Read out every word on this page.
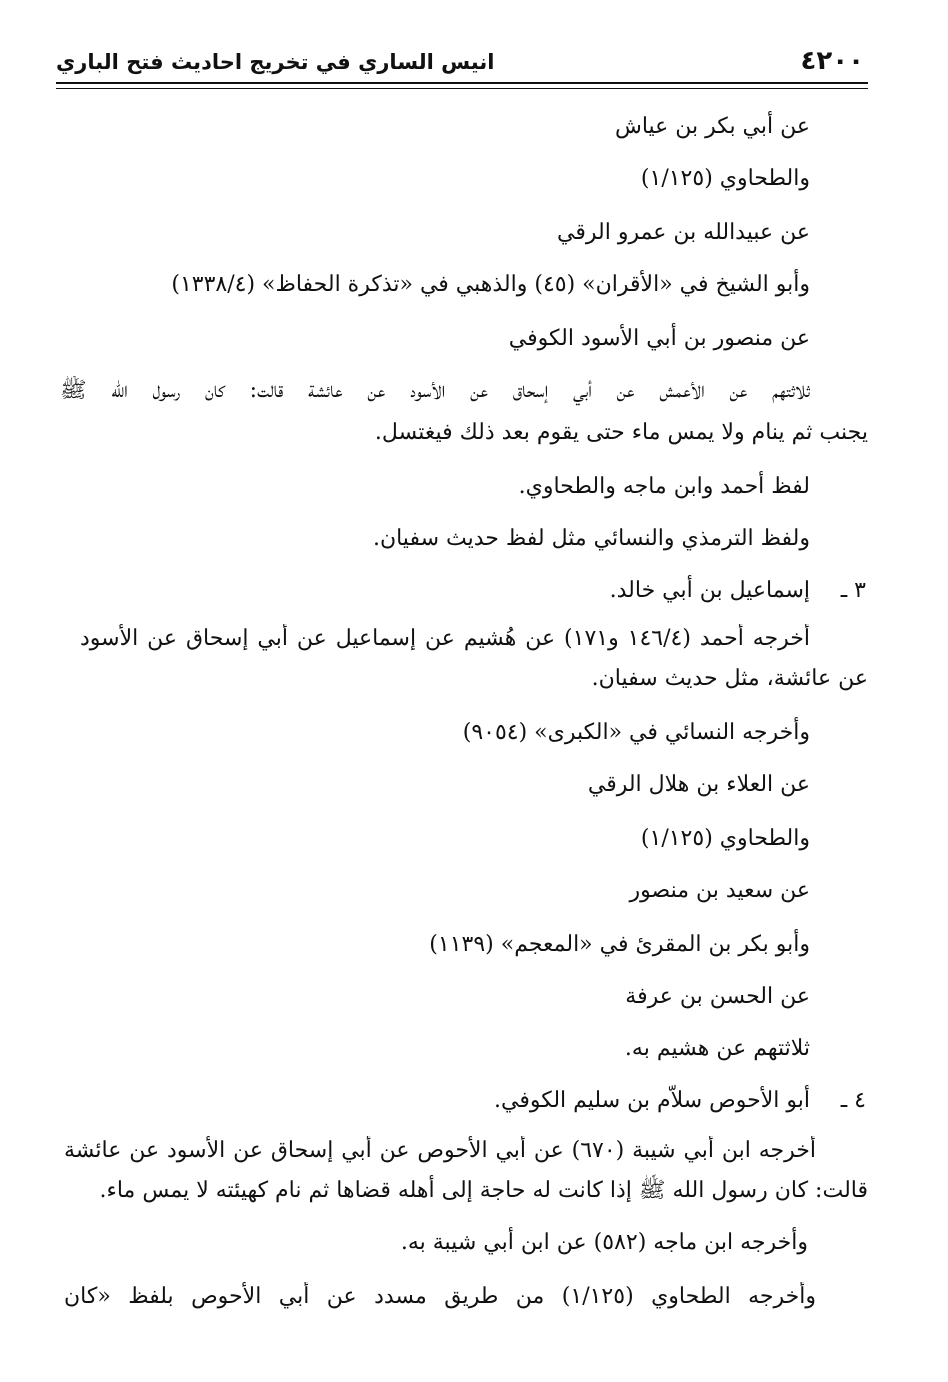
٤٢٠٠
انيس الساري في تخريج احاديث فتح الباري
عن أبي بكر بن عياش
والطحاوي (١/١٢٥)
عن عبيدالله بن عمرو الرقي
وأبو الشيخ في «الأقران» (٤٥) والذهبي في «تذكرة الحفاظ» (١٣٣٨/٤)
عن منصور بن أبي الأسود الكوفي
ثلاثتهم عن الأعمش عن أبي إسحاق عن الأسود عن عائشة قالت: كان رسول الله ﷺ
يجنب ثم ينام ولا يمس ماء حتى يقوم بعد ذلك فيغتسل.
لفظ أحمد وابن ماجه والطحاوي.
ولفظ الترمذي والنسائي مثل لفظ حديث سفيان.
٣ ـ
إسماعيل بن أبي خالد.
أخرجه أحمد (١٤٦/٤ و١٧١) عن هُشيم عن إسماعيل عن أبي إسحاق عن الأسود
عن عائشة، مثل حديث سفيان.
وأخرجه النسائي في «الكبرى» (٩٠٥٤)
عن العلاء بن هلال الرقي
والطحاوي (١/١٢٥)
عن سعيد بن منصور
وأبو بكر بن المقرئ في «المعجم» (١١٣٩)
عن الحسن بن عرفة
ثلاثتهم عن هشيم به.
٤ ـ
أبو الأحوص سلاّم بن سليم الكوفي.
أخرجه ابن أبي شيبة (٦٧٠) عن أبي الأحوص عن أبي إسحاق عن الأسود عن عائشة
قالت: كان رسول الله ﷺ إذا كانت له حاجة إلى أهله قضاها ثم نام كهيئته لا يمس ماء.
وأخرجه ابن ماجه (٥٨٢) عن ابن أبي شيبة به.
وأخرجه الطحاوي (١/١٢٥) من طريق مسدد عن أبي الأحوص بلفظ «كان
